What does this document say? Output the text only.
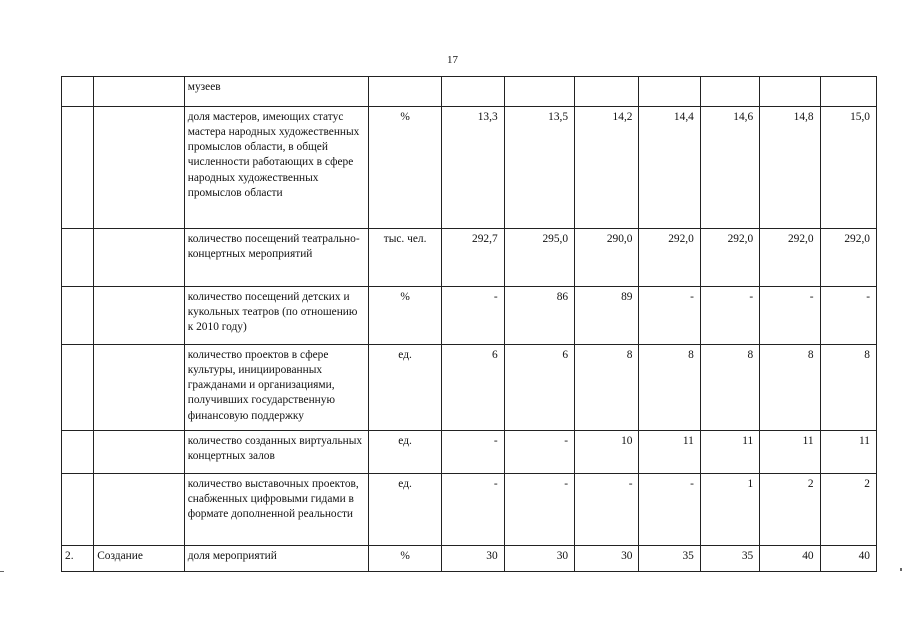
17
		музеев								
		доля мастеров, имеющих статус мастера народных художественных промыслов области, в общей численности работающих в сфере народных художественных промыслов области	%	13,3	13,5	14,2	14,4	14,6	14,8	15,0
		количество посещений театрально-концертных мероприятий	тыс. чел.	292,7	295,0	290,0	292,0	292,0	292,0	292,0
		количество посещений детских и кукольных театров (по отношению к 2010 году)	%	-	86	89	-	-	-	-
		количество проектов в сфере культуры, инициированных гражданами и организациями, получивших государственную финансовую поддержку	ед.	6	6	8	8	8	8	8
		количество созданных виртуальных концертных залов	ед.	-	-	10	11	11	11	11
		количество выставочных проектов, снабженных цифровыми гидами в формате дополненной реальности	ед.	-	-	-	-	1	2	2
2.	Создание	доля мероприятий	%	30	30	30	35	35	40	40
